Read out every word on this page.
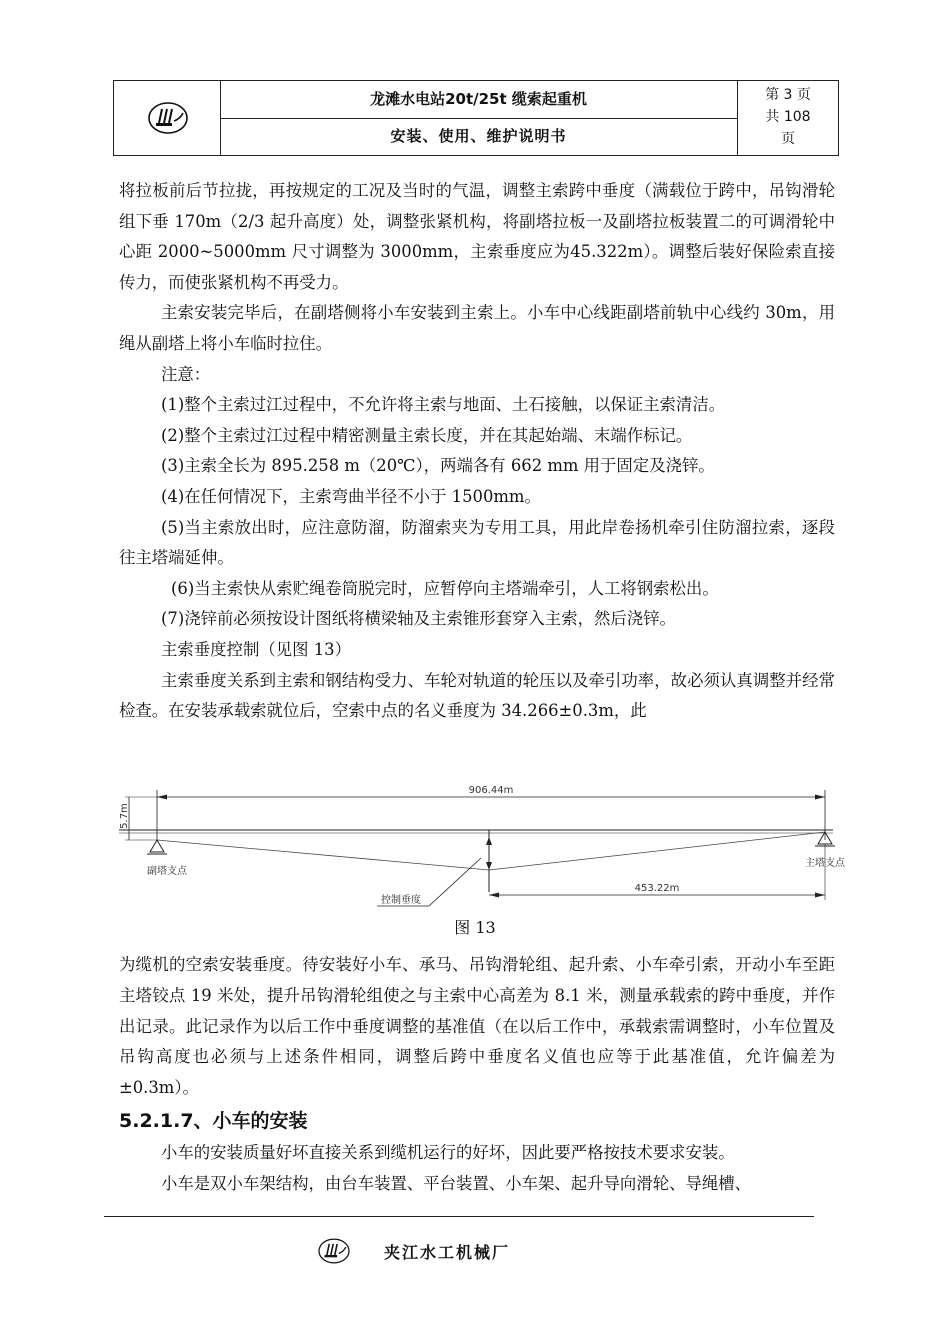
龙滩水电站20t/25t 缆索起重机
安装、使用、维护说明书
第 3 页
共 108
页

将拉板前后节拉拢，再按规定的工况及当时的气温，调整主索跨中垂度（满载位于跨中，吊钩滑轮组下垂 170m（2/3 起升高度）处，调整张紧机构，将副塔拉板一及副塔拉板装置二的可调滑轮中心距 2000~5000mm 尺寸调整为 3000mm，主索垂度应为45.322m）。调整后装好保险索直接传力，而使张紧机构不再受力。

主索安装完毕后，在副塔侧将小车安装到主索上。小车中心线距副塔前轨中心线约 30m，用绳从副塔上将小车临时拉住。

注意：

(1)整个主索过江过程中，不允许将主索与地面、土石接触，以保证主索清洁。

(2)整个主索过江过程中精密测量主索长度，并在其起始端、末端作标记。

(3)主索全长为 895.258 m（20℃），两端各有 662 mm 用于固定及浇锌。

(4)在任何情况下，主索弯曲半径不小于 1500mm。

(5)当主索放出时，应注意防溜，防溜索夹为专用工具，用此岸卷扬机牵引住防溜拉索，逐段往主塔端延伸。

(6)当主索快从索贮绳卷筒脱完时，应暂停向主塔端牵引，人工将钢索松出。

(7)浇锌前必须按设计图纸将横梁轴及主索锥形套穿入主索，然后浇锌。

主索垂度控制（见图 13）

主索垂度关系到主索和钢结构受力、车轮对轨道的轮压以及牵引功率，故必须认真调整并经常检查。在安装承载索就位后，空索中点的名义垂度为 34.266±0.3m，此

906.44m
5.7m
副塔支点
主塔支点
453.22m
控制垂度
图 13

为缆机的空索安装垂度。待安装好小车、承马、吊钩滑轮组、起升索、小车牵引索，开动小车至距主塔铰点 19 米处，提升吊钩滑轮组使之与主索中心高差为 8.1 米，测量承载索的跨中垂度，并作出记录。此记录作为以后工作中垂度调整的基准值（在以后工作中，承载索需调整时，小车位置及吊钩高度也必须与上述条件相同，调整后跨中垂度名义值也应等于此基准值，允许偏差为±0.3m）。

5.2.1.7、小车的安装

小车的安装质量好坏直接关系到缆机运行的好坏，因此要严格按技术要求安装。

小车是双小车架结构，由台车装置、平台装置、小车架、起升导向滑轮、导绳槽、

夹江水工机械厂
